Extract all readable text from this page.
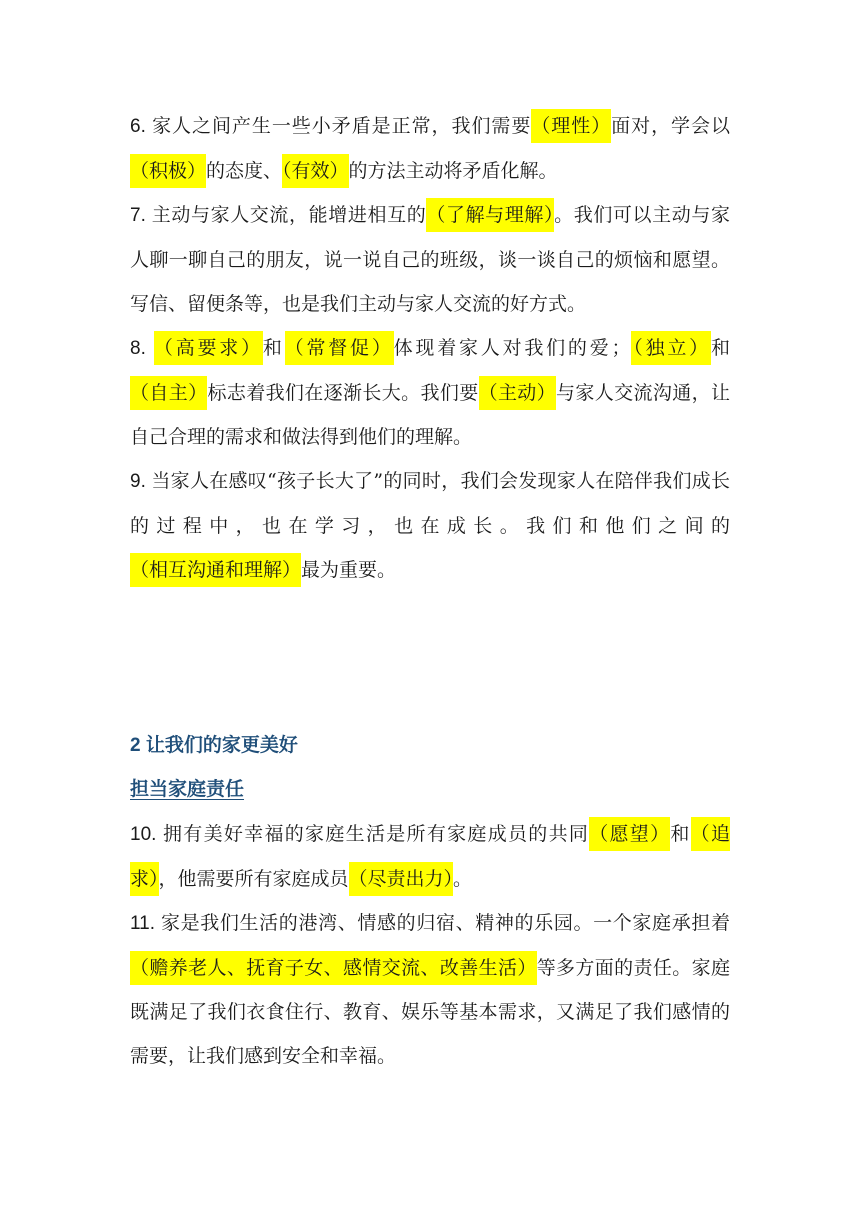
6. 家人之间产生一些小矛盾是正常，我们需要（理性）面对，学会以（积极）的态度、（有效）的方法主动将矛盾化解。

7. 主动与家人交流，能增进相互的（了解与理解）。我们可以主动与家人聊一聊自己的朋友，说一说自己的班级，谈一谈自己的烦恼和愿望。写信、留便条等，也是我们主动与家人交流的好方式。

8. （高要求）和（常督促）体现着家人对我们的爱；（独立）和（自主）标志着我们在逐渐长大。我们要（主动）与家人交流沟通，让自己合理的需求和做法得到他们的理解。

9. 当家人在感叹“孩子长大了”的同时，我们会发现家人在陪伴我们成长的过程中，也在学习，也在成长。我们和他们之间的（相互沟通和理解）最为重要。

2 让我们的家更美好

担当家庭责任

10. 拥有美好幸福的家庭生活是所有家庭成员的共同（愿望）和（追求），他需要所有家庭成员（尽责出力）。

11. 家是我们生活的港湾、情感的归宿、精神的乐园。一个家庭承担着（赡养老人、抚育子女、感情交流、改善生活）等多方面的责任。家庭既满足了我们衣食住行、教育、娱乐等基本需求，又满足了我们感情的需要，让我们感到安全和幸福。
